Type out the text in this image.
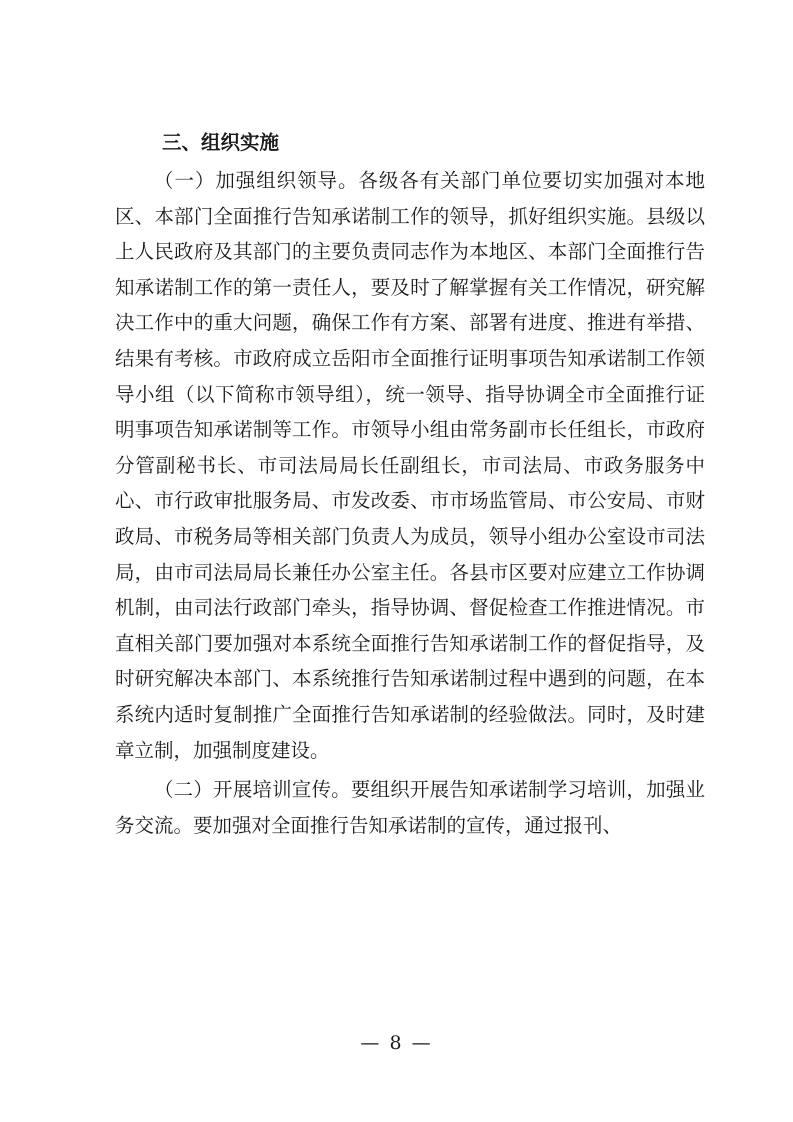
三、组织实施

（一）加强组织领导。各级各有关部门单位要切实加强对本地区、本部门全面推行告知承诺制工作的领导，抓好组织实施。县级以上人民政府及其部门的主要负责同志作为本地区、本部门全面推行告知承诺制工作的第一责任人，要及时了解掌握有关工作情况，研究解决工作中的重大问题，确保工作有方案、部署有进度、推进有举措、结果有考核。市政府成立岳阳市全面推行证明事项告知承诺制工作领导小组（以下简称市领导组），统一领导、指导协调全市全面推行证明事项告知承诺制等工作。市领导小组由常务副市长任组长，市政府分管副秘书长、市司法局局长任副组长，市司法局、市政务服务中心、市行政审批服务局、市发改委、市市场监管局、市公安局、市财政局、市税务局等相关部门负责人为成员，领导小组办公室设市司法局，由市司法局局长兼任办公室主任。各县市区要对应建立工作协调机制，由司法行政部门牵头，指导协调、督促检查工作推进情况。市直相关部门要加强对本系统全面推行告知承诺制工作的督促指导，及时研究解决本部门、本系统推行告知承诺制过程中遇到的问题，在本系统内适时复制推广全面推行告知承诺制的经验做法。同时，及时建章立制，加强制度建设。

（二）开展培训宣传。要组织开展告知承诺制学习培训，加强业务交流。要加强对全面推行告知承诺制的宣传，通过报刊、

— 8 —
